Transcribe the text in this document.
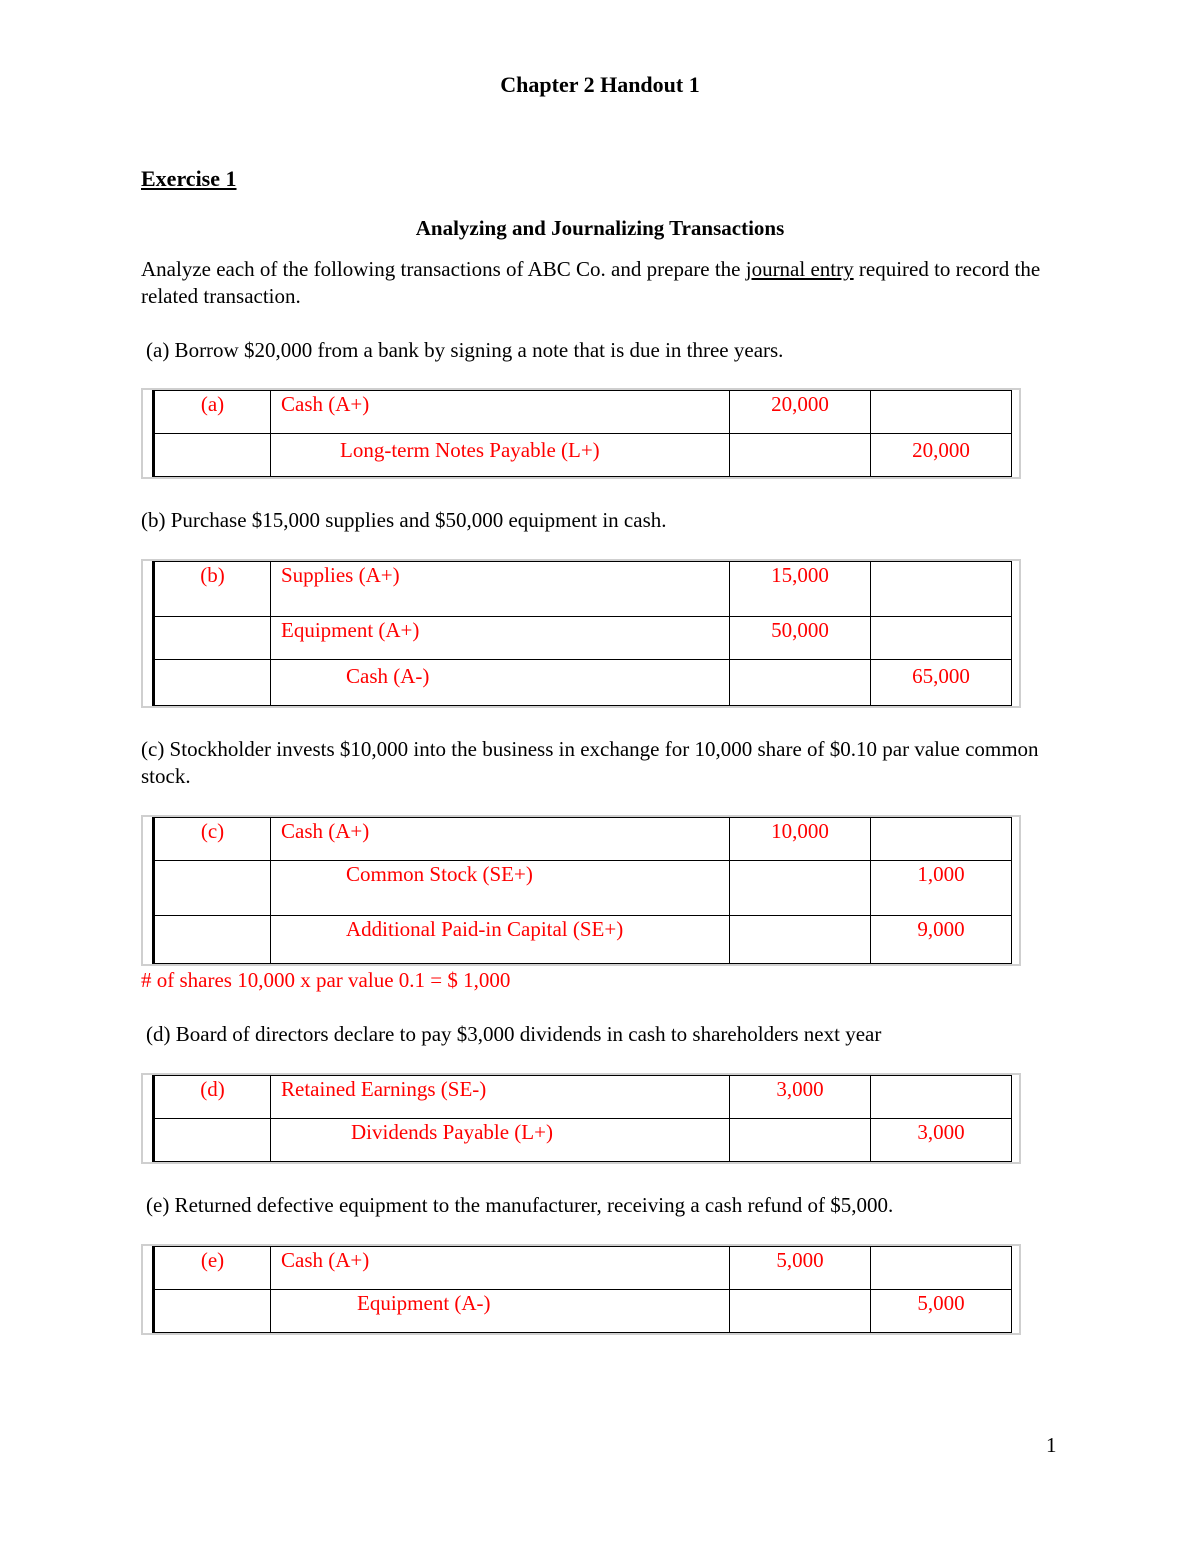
Chapter 2 Handout 1
Exercise 1
Analyzing and Journalizing Transactions
Analyze each of the following transactions of ABC Co. and prepare the journal entry required to record the related transaction.
(a) Borrow $20,000 from a bank by signing a note that is due in three years.
(a)	Cash (A+)	20,000	
	Long-term Notes Payable (L+)		20,000
(b) Purchase $15,000 supplies and $50,000 equipment in cash.
(b)	Supplies (A+)	15,000	
	Equipment (A+)	50,000	
	Cash (A-)		65,000
(c) Stockholder invests $10,000 into the business in exchange for 10,000 share of $0.10 par value common stock.
(c)	Cash (A+)	10,000	
	Common Stock (SE+)		1,000
	Additional Paid-in Capital (SE+)		9,000
# of shares 10,000 x par value 0.1 = $ 1,000
(d) Board of directors declare to pay $3,000 dividends in cash to shareholders next year
(d)	Retained Earnings (SE-)	3,000	
	Dividends Payable (L+)		3,000
(e) Returned defective equipment to the manufacturer, receiving a cash refund of $5,000.
(e)	Cash (A+)	5,000	
	Equipment (A-)		5,000
1
